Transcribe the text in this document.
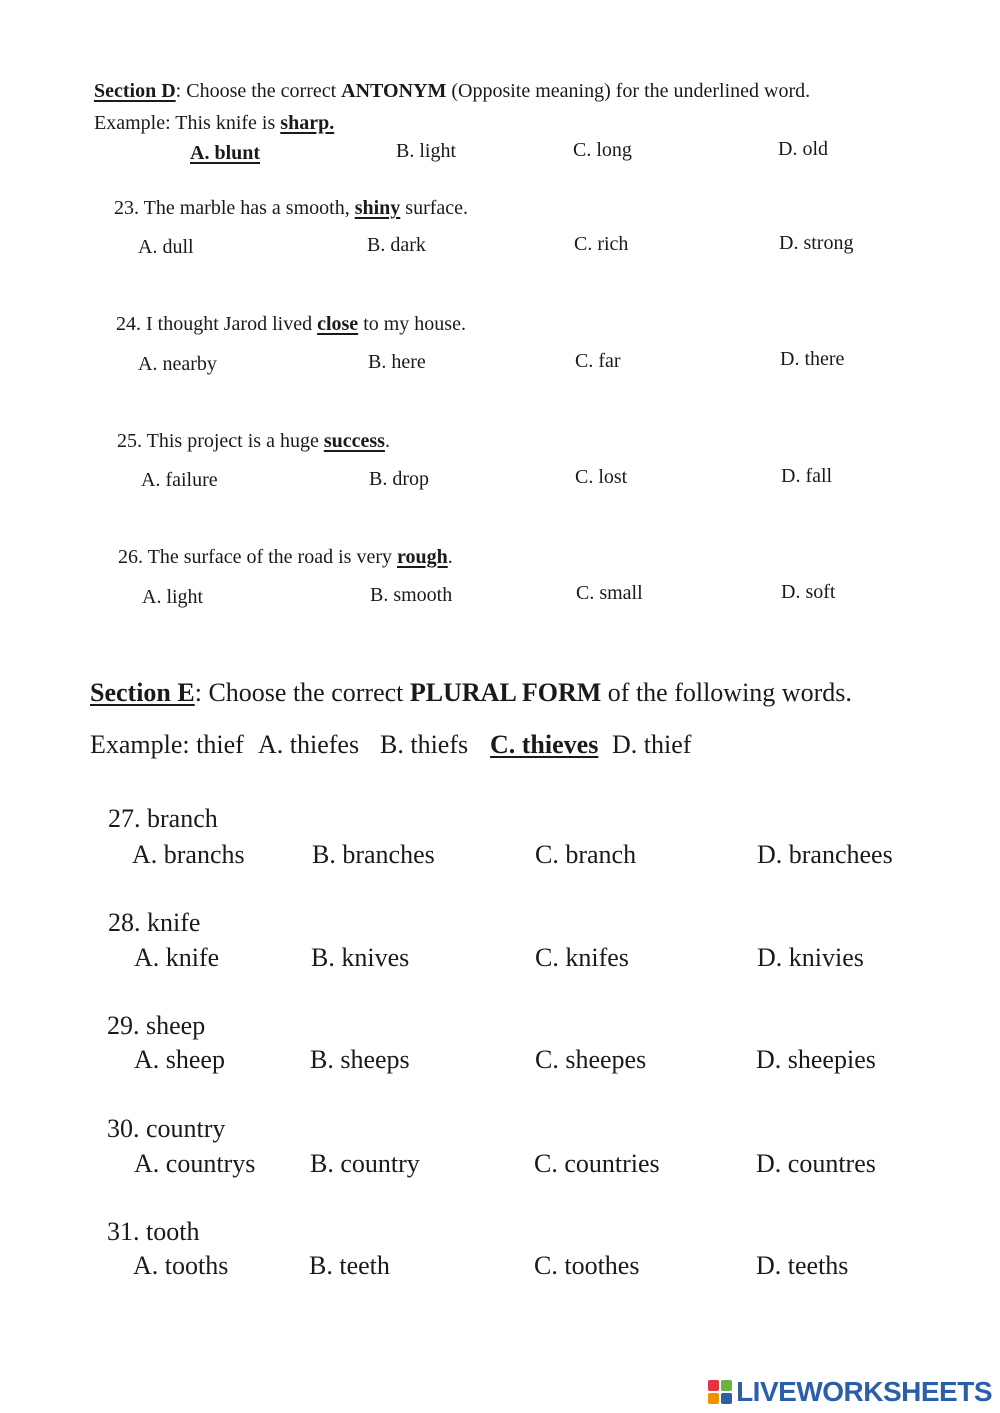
Section D: Choose the correct ANTONYM (Opposite meaning) for the underlined word.
Example: This knife is sharp.
A. blunt	B. light	C. long	D. old
23. The marble has a smooth, shiny surface.
A. dull	B. dark	C. rich	D. strong
24. I thought Jarod lived close to my house.
A. nearby	B. here	C. far	D. there
25. This project is a huge success.
A. failure	B. drop	C. lost	D. fall
26. The surface of the road is very rough.
A. light	B. smooth	C. small	D. soft
Section E: Choose the correct PLURAL FORM of the following words.
Example: thief A. thiefes B. thiefs C. thieves D. thief
27. branch
A. branchs	B. branches	C. branch	D. branchees
28. knife
A. knife	B. knives	C. knifes	D. knivies
29. sheep
A. sheep	B. sheeps	C. sheepes	D. sheepies
30. country
A. countrys B. country	C. countries	D. countres
31. tooth
A. tooths	B. teeth	C. toothes	D. teeths
LIVEWORKSHEETS
